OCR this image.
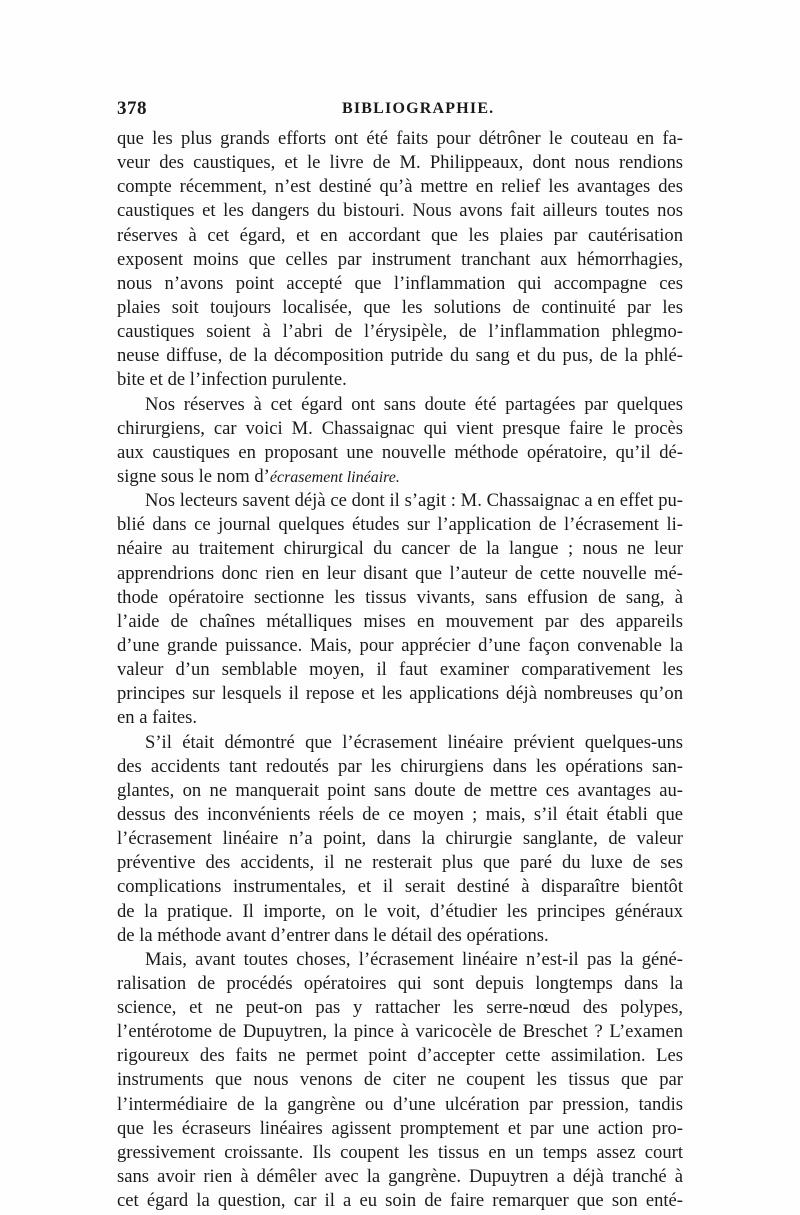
378	BIBLIOGRAPHIE.
que les plus grands efforts ont été faits pour détrôner le couteau en fa-
veur des caustiques, et le livre de M. Philippeaux, dont nous rendions
compte récemment, n’est destiné qu’à mettre en relief les avantages des
caustiques et les dangers du bistouri. Nous avons fait ailleurs toutes nos
réserves à cet égard, et en accordant que les plaies par cautérisation
exposent moins que celles par instrument tranchant aux hémorrhagies,
nous n’avons point accepté que l’inflammation qui accompagne ces
plaies soit toujours localisée, que les solutions de continuité par les
caustiques soient à l’abri de l’érysipèle, de l’inflammation phlegmo-
neuse diffuse, de la décomposition putride du sang et du pus, de la phlé-
bite et de l’infection purulente.
Nos réserves à cet égard ont sans doute été partagées par quelques
chirurgiens, car voici M. Chassaignac qui vient presque faire le procès
aux caustiques en proposant une nouvelle méthode opératoire, qu’il dé-
signe sous le nom d’écrasement linéaire.
Nos lecteurs savent déjà ce dont il s’agit : M. Chassaignac a en effet pu-
blié dans ce journal quelques études sur l’application de l’écrasement li-
néaire au traitement chirurgical du cancer de la langue ; nous ne leur
apprendrions donc rien en leur disant que l’auteur de cette nouvelle mé-
thode opératoire sectionne les tissus vivants, sans effusion de sang, à
l’aide de chaînes métalliques mises en mouvement par des appareils
d’une grande puissance. Mais, pour apprécier d’une façon convenable la
valeur d’un semblable moyen, il faut examiner comparativement les
principes sur lesquels il repose et les applications déjà nombreuses qu’on
en a faites.
S’il était démontré que l’écrasement linéaire prévient quelques-uns
des accidents tant redoutés par les chirurgiens dans les opérations san-
glantes, on ne manquerait point sans doute de mettre ces avantages au-
dessus des inconvénients réels de ce moyen ; mais, s’il était établi que
l’écrasement linéaire n’a point, dans la chirurgie sanglante, de valeur
préventive des accidents, il ne resterait plus que paré du luxe de ses
complications instrumentales, et il serait destiné à disparaître bientôt
de la pratique. Il importe, on le voit, d’étudier les principes généraux
de la méthode avant d’entrer dans le détail des opérations.
Mais, avant toutes choses, l’écrasement linéaire n’est-il pas la géné-
ralisation de procédés opératoires qui sont depuis longtemps dans la
science, et ne peut-on pas y rattacher les serre-nœud des polypes,
l’entérotome de Dupuytren, la pince à varicocèle de Breschet ? L’examen
rigoureux des faits ne permet point d’accepter cette assimilation. Les
instruments que nous venons de citer ne coupent les tissus que par
l’intermédiaire de la gangrène ou d’une ulcération par pression, tandis
que les écraseurs linéaires agissent promptement et par une action pro-
gressivement croissante. Ils coupent les tissus en un temps assez court
sans avoir rien à démêler avec la gangrène. Dupuytren a déjà tranché à
cet égard la question, car il a eu soin de faire remarquer que son enté-
